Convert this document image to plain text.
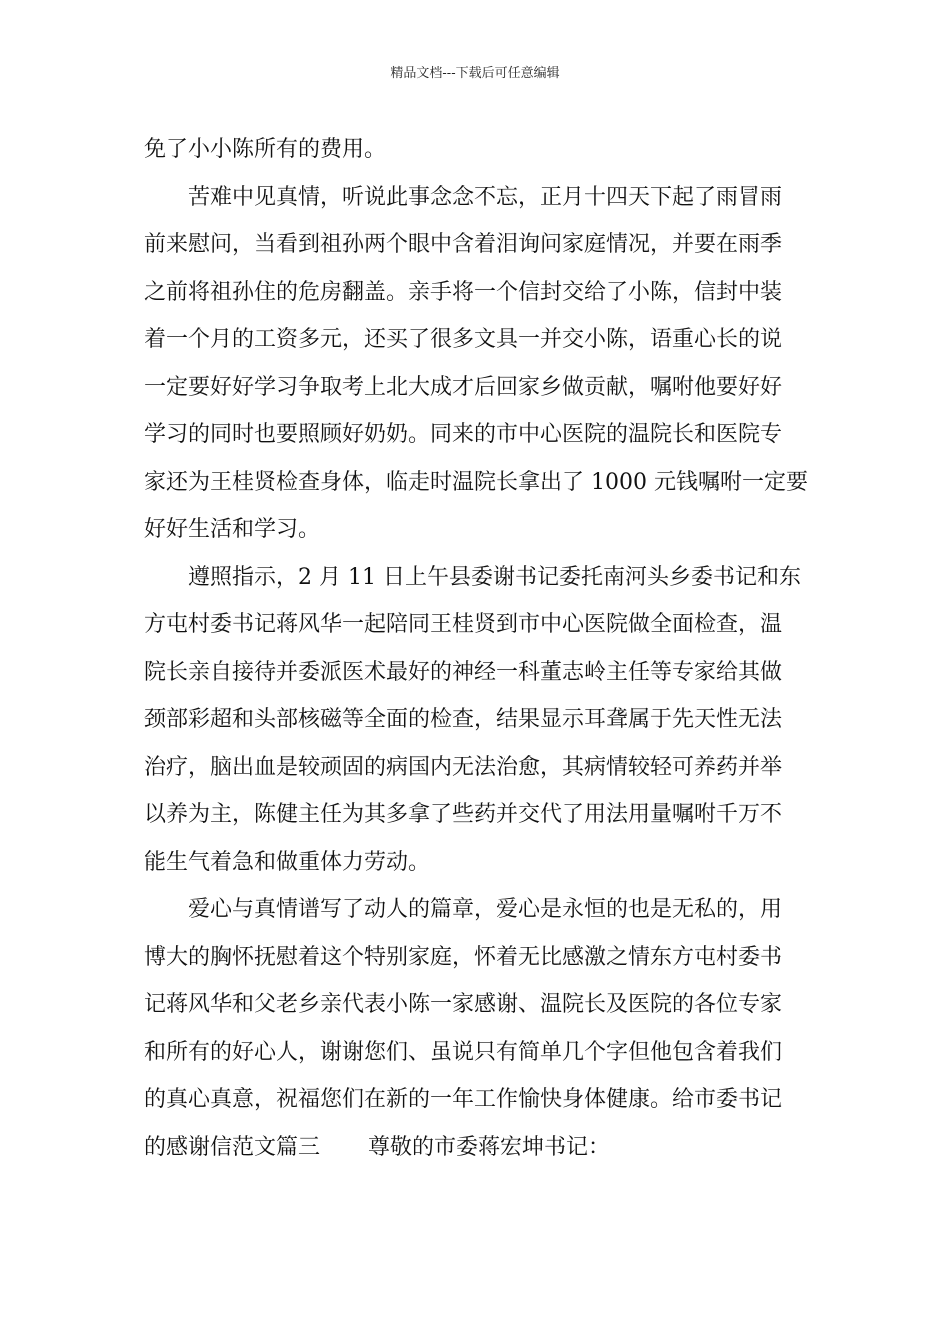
精品文档---下载后可任意编辑
免了小小陈所有的费用。
苦难中见真情，听说此事念念不忘，正月十四天下起了雨冒雨
前来慰问，当看到祖孙两个眼中含着泪询问家庭情况，并要在雨季
之前将祖孙住的危房翻盖。亲手将一个信封交给了小陈，信封中装
着一个月的工资多元，还买了很多文具一并交小陈，语重心长的说
一定要好好学习争取考上北大成才后回家乡做贡献，嘱咐他要好好
学习的同时也要照顾好奶奶。同来的市中心医院的温院长和医院专
家还为王桂贤检查身体，临走时温院长拿出了 1000 元钱嘱咐一定要
好好生活和学习。
遵照指示，2 月 11 日上午县委谢书记委托南河头乡委书记和东
方屯村委书记蒋风华一起陪同王桂贤到市中心医院做全面检查，温
院长亲自接待并委派医术最好的神经一科董志岭主任等专家给其做
颈部彩超和头部核磁等全面的检查，结果显示耳聋属于先天性无法
治疗，脑出血是较顽固的病国内无法治愈，其病情较轻可养药并举
以养为主，陈健主任为其多拿了些药并交代了用法用量嘱咐千万不
能生气着急和做重体力劳动。
爱心与真情谱写了动人的篇章，爱心是永恒的也是无私的，用
博大的胸怀抚慰着这个特别家庭，怀着无比感激之情东方屯村委书
记蒋风华和父老乡亲代表小陈一家感谢、温院长及医院的各位专家
和所有的好心人，谢谢您们、虽说只有简单几个字但他包含着我们
的真心真意，祝福您们在新的一年工作愉快身体健康。给市委书记
的感谢信范文篇三 尊敬的市委蒋宏坤书记：
